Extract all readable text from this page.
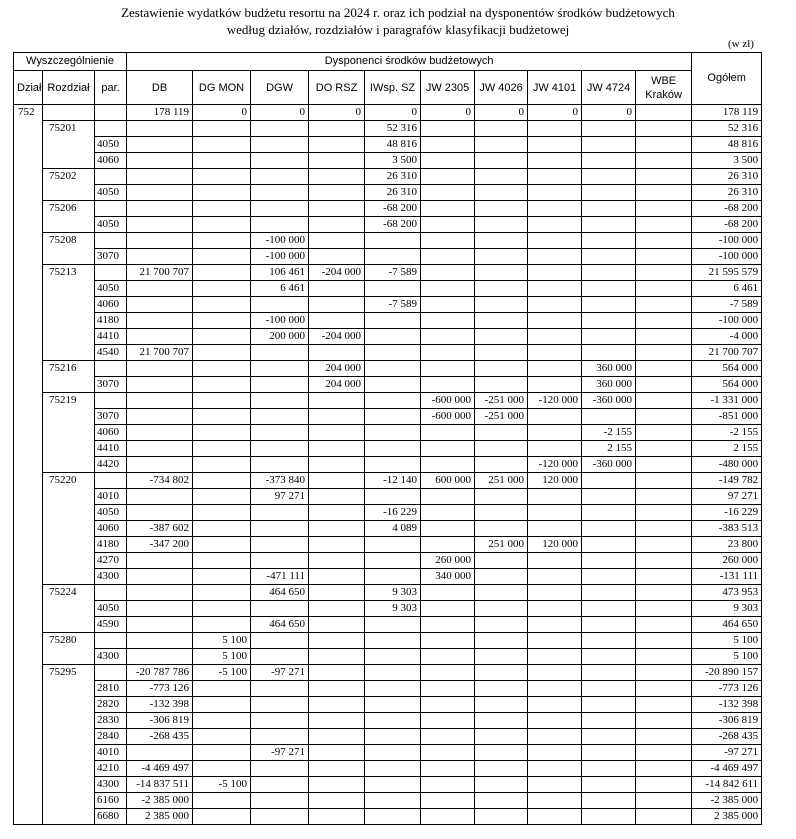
Zestawienie wydatków budżetu resortu na 2024 r. oraz ich podział na dysponentów środków budżetowych
według działów, rozdziałów i paragrafów klasyfikacji budżetowej
(w zł)
Wyszczególnienie			Dysponenci środków budżetowych										Ogółem
Dział	Rozdział	par.	DB	DG MON	DGW	DO RSZ	IWsp. SZ	JW 2305	JW 4026	JW 4101	JW 4724	WBE Kraków	
752			178 119	0	0	0	0	0	0	0	0		178 119
	75201						52 316						52 316
		4050					48 816						48 816
		4060					3 500						3 500
	75202						26 310						26 310
		4050					26 310						26 310
	75206						-68 200						-68 200
		4050					-68 200						-68 200
	75208				-100 000								-100 000
		3070			-100 000								-100 000
	75213		21 700 707		106 461	-204 000	-7 589						21 595 579
		4050			6 461								6 461
		4060					-7 589						-7 589
		4180			-100 000								-100 000
		4410			200 000	-204 000							-4 000
		4540	21 700 707										21 700 707
	75216					204 000					360 000		564 000
		3070				204 000					360 000		564 000
	75219							-600 000	-251 000	-120 000	-360 000		-1 331 000
		3070						-600 000	-251 000				-851 000
		4060									-2 155		-2 155
		4410									2 155		2 155
		4420								-120 000	-360 000		-480 000
	75220		-734 802		-373 840		-12 140	600 000	251 000	120 000			-149 782
		4010			97 271								97 271
		4050					-16 229						-16 229
		4060	-387 602				4 089						-383 513
		4180	-347 200						251 000	120 000			23 800
		4270						260 000					260 000
		4300			-471 111			340 000					-131 111
	75224				464 650		9 303						473 953
		4050					9 303						9 303
		4590			464 650								464 650
	75280			5 100									5 100
		4300		5 100									5 100
	75295		-20 787 786	-5 100	-97 271								-20 890 157
		2810	-773 126										-773 126
		2820	-132 398										-132 398
		2830	-306 819										-306 819
		2840	-268 435										-268 435
		4010			-97 271								-97 271
		4210	-4 469 497										-4 469 497
		4300	-14 837 511	-5 100									-14 842 611
		6160	-2 385 000										-2 385 000
		6680	2 385 000										2 385 000
